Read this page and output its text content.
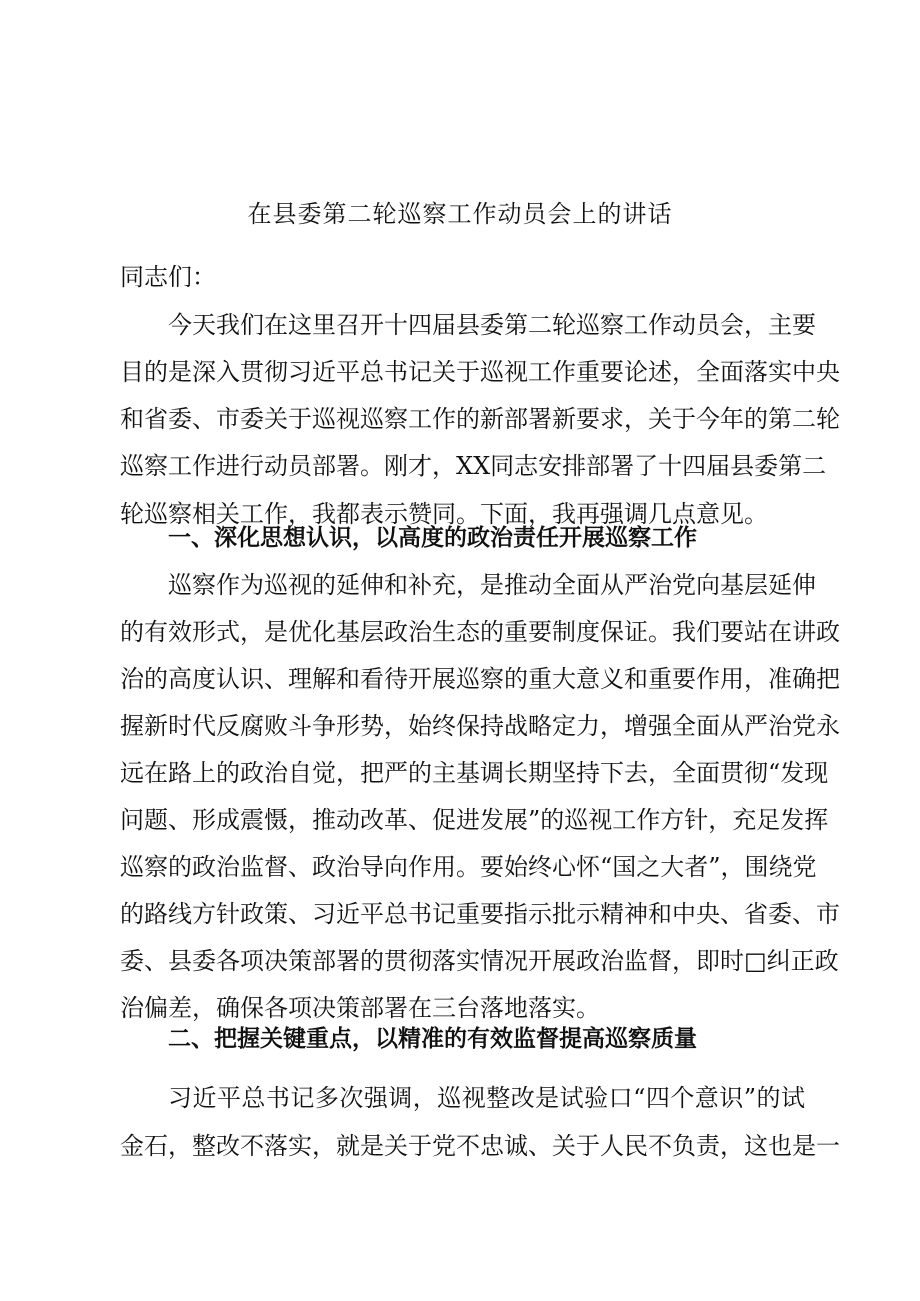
在县委第二轮巡察工作动员会上的讲话
同志们：
今天我们在这里召开十四届县委第二轮巡察工作动员会，主要
目的是深入贯彻习近平总书记关于巡视工作重要论述，全面落实中央
和省委、市委关于巡视巡察工作的新部署新要求，关于今年的第二轮
巡察工作进行动员部署。刚才，XX同志安排部署了十四届县委第二
轮巡察相关工作，我都表示赞同。下面，我再强调几点意见。
一、深化思想认识，以高度的政治责任开展巡察工作
巡察作为巡视的延伸和补充，是推动全面从严治党向基层延伸
的有效形式，是优化基层政治生态的重要制度保证。我们要站在讲政
治的高度认识、理解和看待开展巡察的重大意义和重要作用，准确把
握新时代反腐败斗争形势，始终保持战略定力，增强全面从严治党永
远在路上的政治自觉，把严的主基调长期坚持下去，全面贯彻“发现
问题、形成震慑，推动改革、促进发展”的巡视工作方针，充足发挥
巡察的政治监督、政治导向作用。要始终心怀“国之大者”，围绕党
的路线方针政策、习近平总书记重要指示批示精神和中央、省委、市
委、县委各项决策部署的贯彻落实情况开展政治监督，即时□纠正政
治偏差，确保各项决策部署在三台落地落实。
二、把握关键重点，以精准的有效监督提高巡察质量
习近平总书记多次强调，巡视整改是试验口“四个意识”的试
金石，整改不落实，就是关于党不忠诚、关于人民不负责，这也是一
